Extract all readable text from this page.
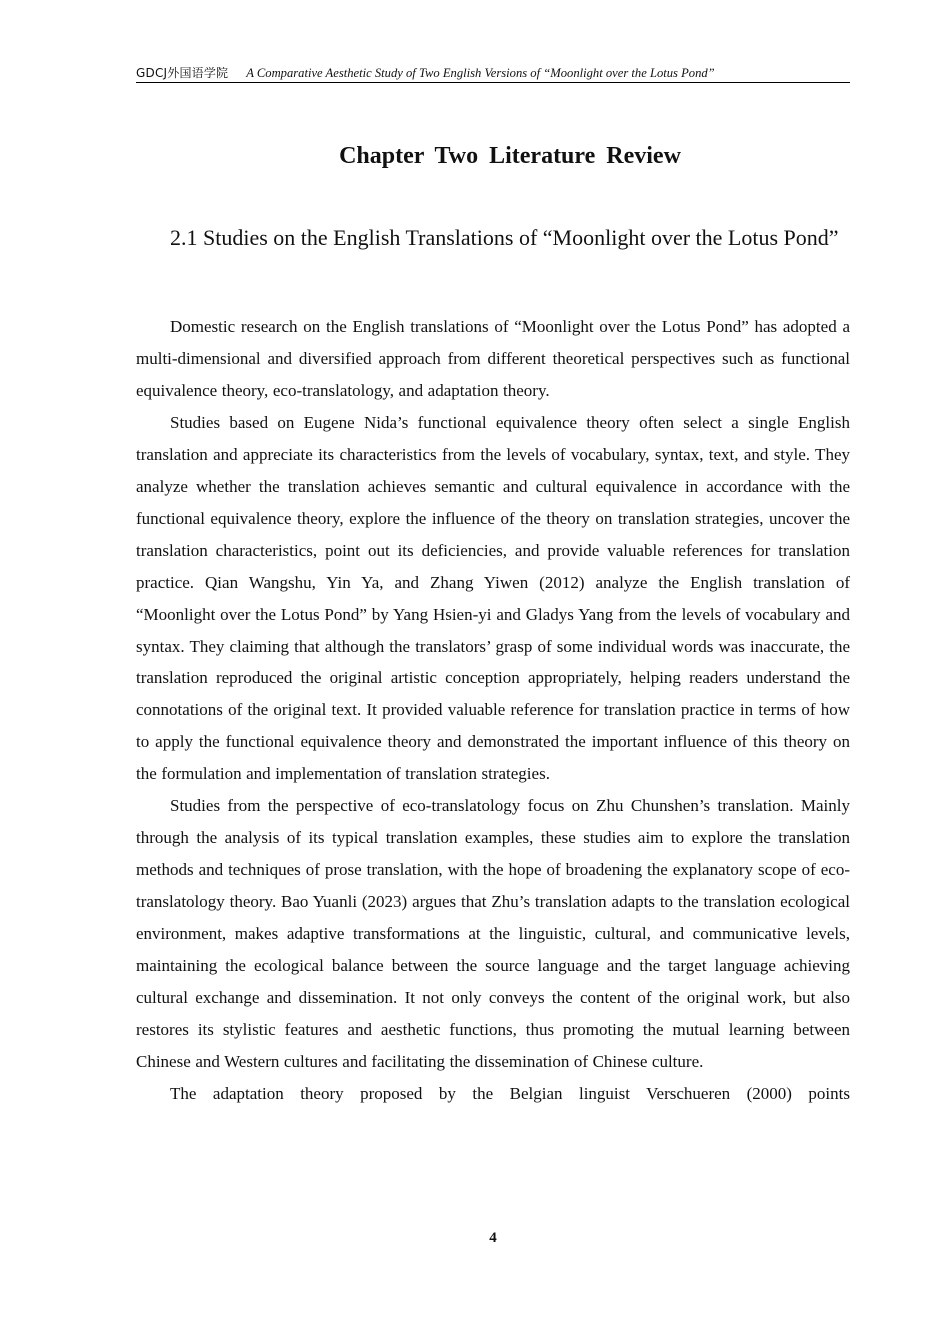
GDCJ外国语学院 A Comparative Aesthetic Study of Two English Versions of “Moonlight over the Lotus Pond”
Chapter Two Literature Review
2.1 Studies on the English Translations of “Moonlight over the Lotus Pond”

Domestic research on the English translations of “Moonlight over the Lotus Pond” has adopted a multi-dimensional and diversified approach from different theoretical perspectives such as functional equivalence theory, eco-translatology, and adaptation theory.

Studies based on Eugene Nida’s functional equivalence theory often select a single English translation and appreciate its characteristics from the levels of vocabulary, syntax, text, and style. They analyze whether the translation achieves semantic and cultural equivalence in accordance with the functional equivalence theory, explore the influence of the theory on translation strategies, uncover the translation characteristics, point out its deficiencies, and provide valuable references for translation practice. Qian Wangshu, Yin Ya, and Zhang Yiwen (2012) analyze the English translation of “Moonlight over the Lotus Pond” by Yang Hsien-yi and Gladys Yang from the levels of vocabulary and syntax. They claiming that although the translators’ grasp of some individual words was inaccurate, the translation reproduced the original artistic conception appropriately, helping readers understand the connotations of the original text. It provided valuable reference for translation practice in terms of how to apply the functional equivalence theory and demonstrated the important influence of this theory on the formulation and implementation of translation strategies.

Studies from the perspective of eco-translatology focus on Zhu Chunshen’s translation. Mainly through the analysis of its typical translation examples, these studies aim to explore the translation methods and techniques of prose translation, with the hope of broadening the explanatory scope of eco-translatology theory. Bao Yuanli (2023) argues that Zhu’s translation adapts to the translation ecological environment, makes adaptive transformations at the linguistic, cultural, and communicative levels, maintaining the ecological balance between the source language and the target language achieving cultural exchange and dissemination. It not only conveys the content of the original work, but also restores its stylistic features and aesthetic functions, thus promoting the mutual learning between Chinese and Western cultures and facilitating the dissemination of Chinese culture.

The adaptation theory proposed by the Belgian linguist Verschueren (2000) points

4
